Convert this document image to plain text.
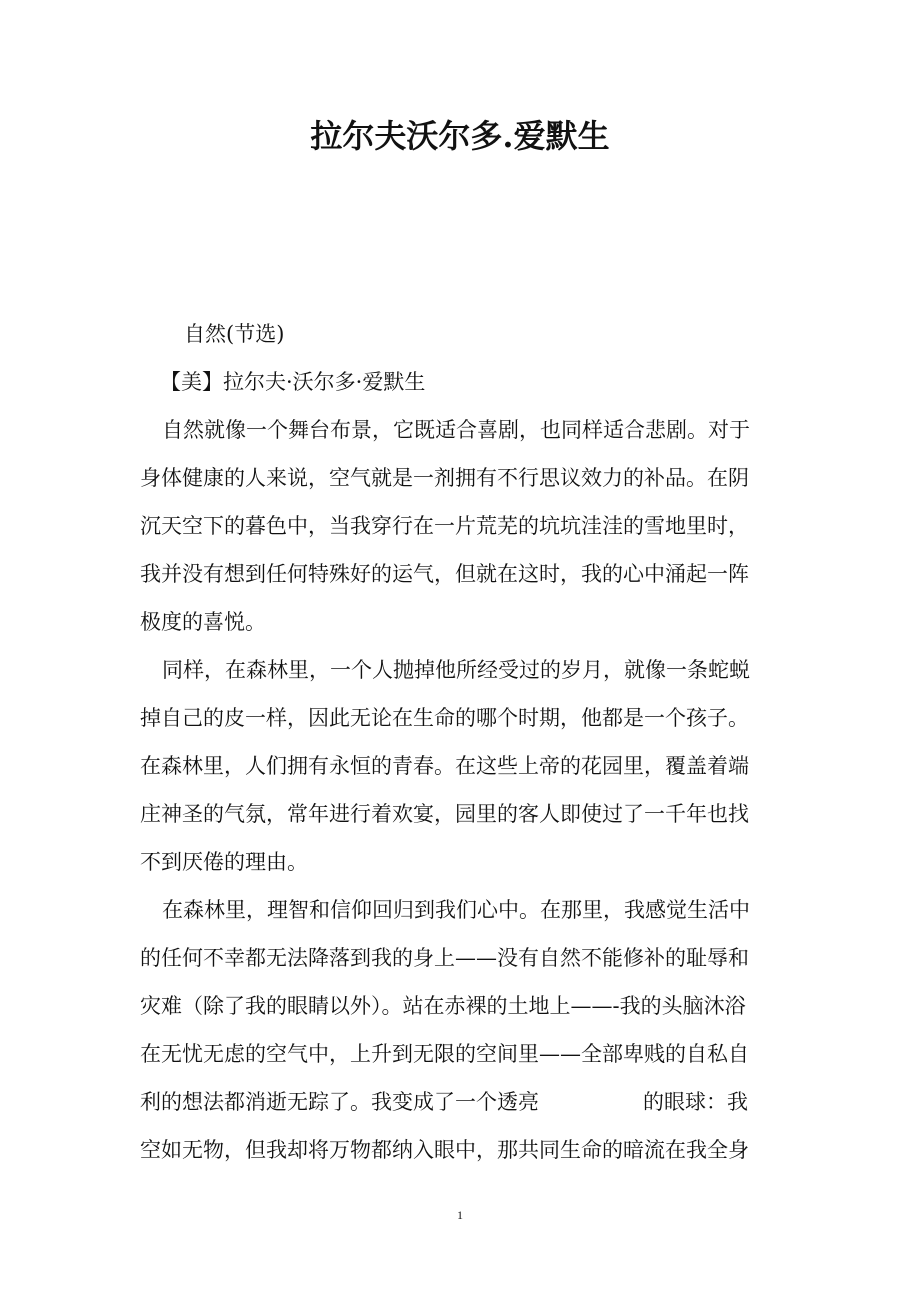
拉尔夫沃尔多.爱默生

自然(节选)

【美】拉尔夫·沃尔多·爱默生

自然就像一个舞台布景，它既适合喜剧，也同样适合悲剧。对于

身体健康的人来说，空气就是一剂拥有不行思议效力的补品。在阴

沉天空下的暮色中，当我穿行在一片荒芜的坑坑洼洼的雪地里时，

我并没有想到任何特殊好的运气，但就在这时，我的心中涌起一阵

极度的喜悦。

同样，在森林里，一个人抛掉他所经受过的岁月，就像一条蛇蜕

掉自己的皮一样，因此无论在生命的哪个时期，他都是一个孩子。

在森林里，人们拥有永恒的青春。在这些上帝的花园里，覆盖着端

庄神圣的气氛，常年进行着欢宴，园里的客人即使过了一千年也找

不到厌倦的理由。

在森林里，理智和信仰回归到我们心中。在那里，我感觉生活中

的任何不幸都无法降落到我的身上——没有自然不能修补的耻辱和

灾难（除了我的眼睛以外）。站在赤裸的土地上——-我的头脑沐浴

在无忧无虑的空气中，上升到无限的空间里——全部卑贱的自私自

利的想法都消逝无踪了。我变成了一个透亮	的眼球：我

空如无物，但我却将万物都纳入眼中，那共同生命的暗流在我全身

1
